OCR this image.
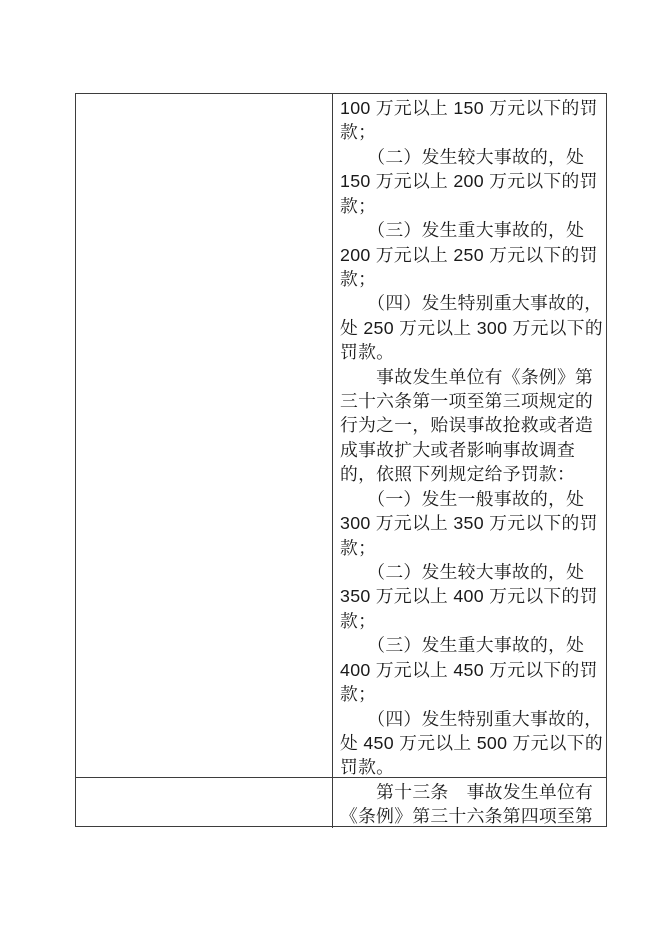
100 万元以上 150 万元以下的罚
款；
　　（二）发生较大事故的，处
150 万元以上 200 万元以下的罚
款；
　　（三）发生重大事故的，处
200 万元以上 250 万元以下的罚
款；
　　（四）发生特别重大事故的，
处 250 万元以上 300 万元以下的
罚款。
　　事故发生单位有《条例》第
三十六条第一项至第三项规定的
行为之一，贻误事故抢救或者造
成事故扩大或者影响事故调查
的，依照下列规定给予罚款：
　　（一）发生一般事故的，处
300 万元以上 350 万元以下的罚
款；
　　（二）发生较大事故的，处
350 万元以上 400 万元以下的罚
款；
　　（三）发生重大事故的，处
400 万元以上 450 万元以下的罚
款；
　　（四）发生特别重大事故的，
处 450 万元以上 500 万元以下的
罚款。
　　第十三条　事故发生单位有
《条例》第三十六条第四项至第
